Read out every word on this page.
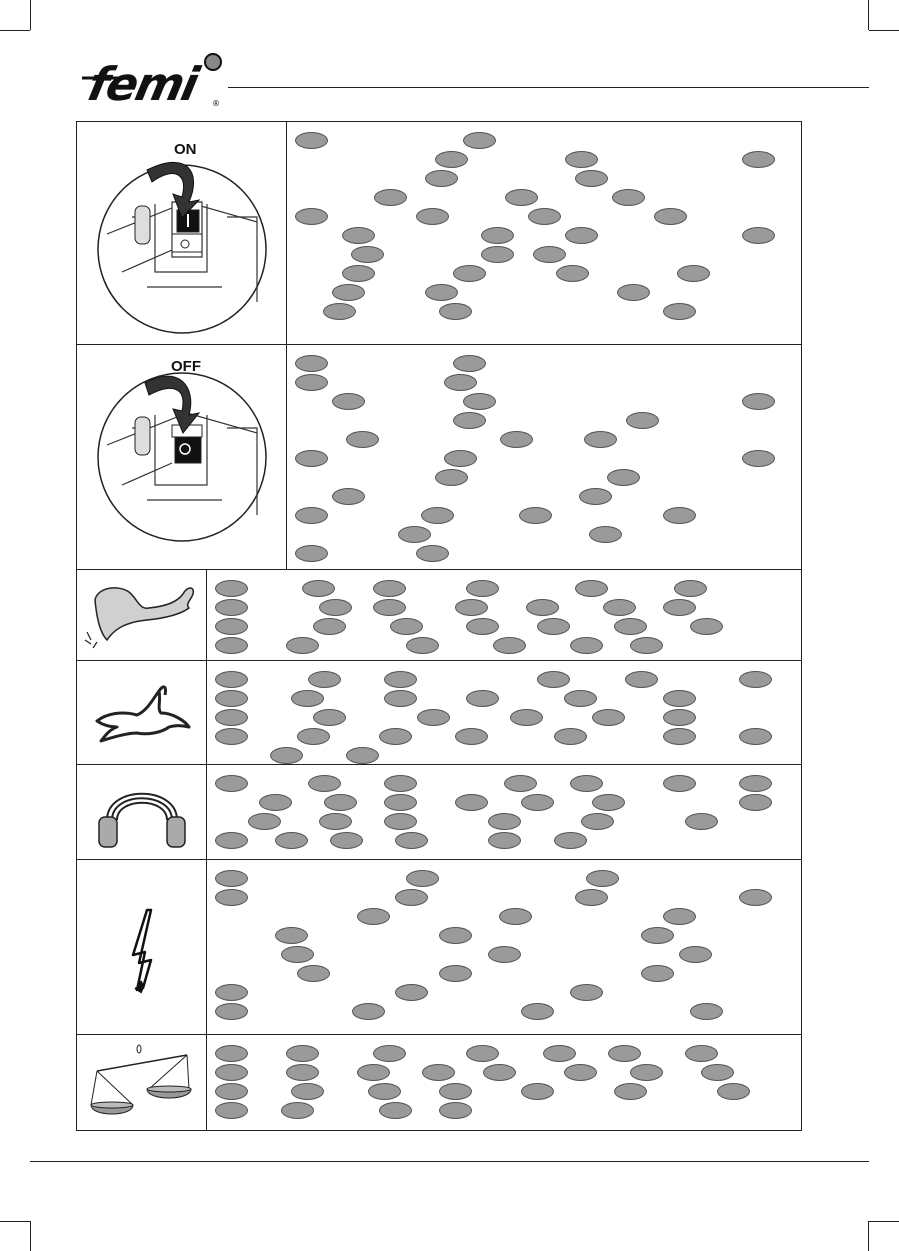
femi	®
ON
OFF
